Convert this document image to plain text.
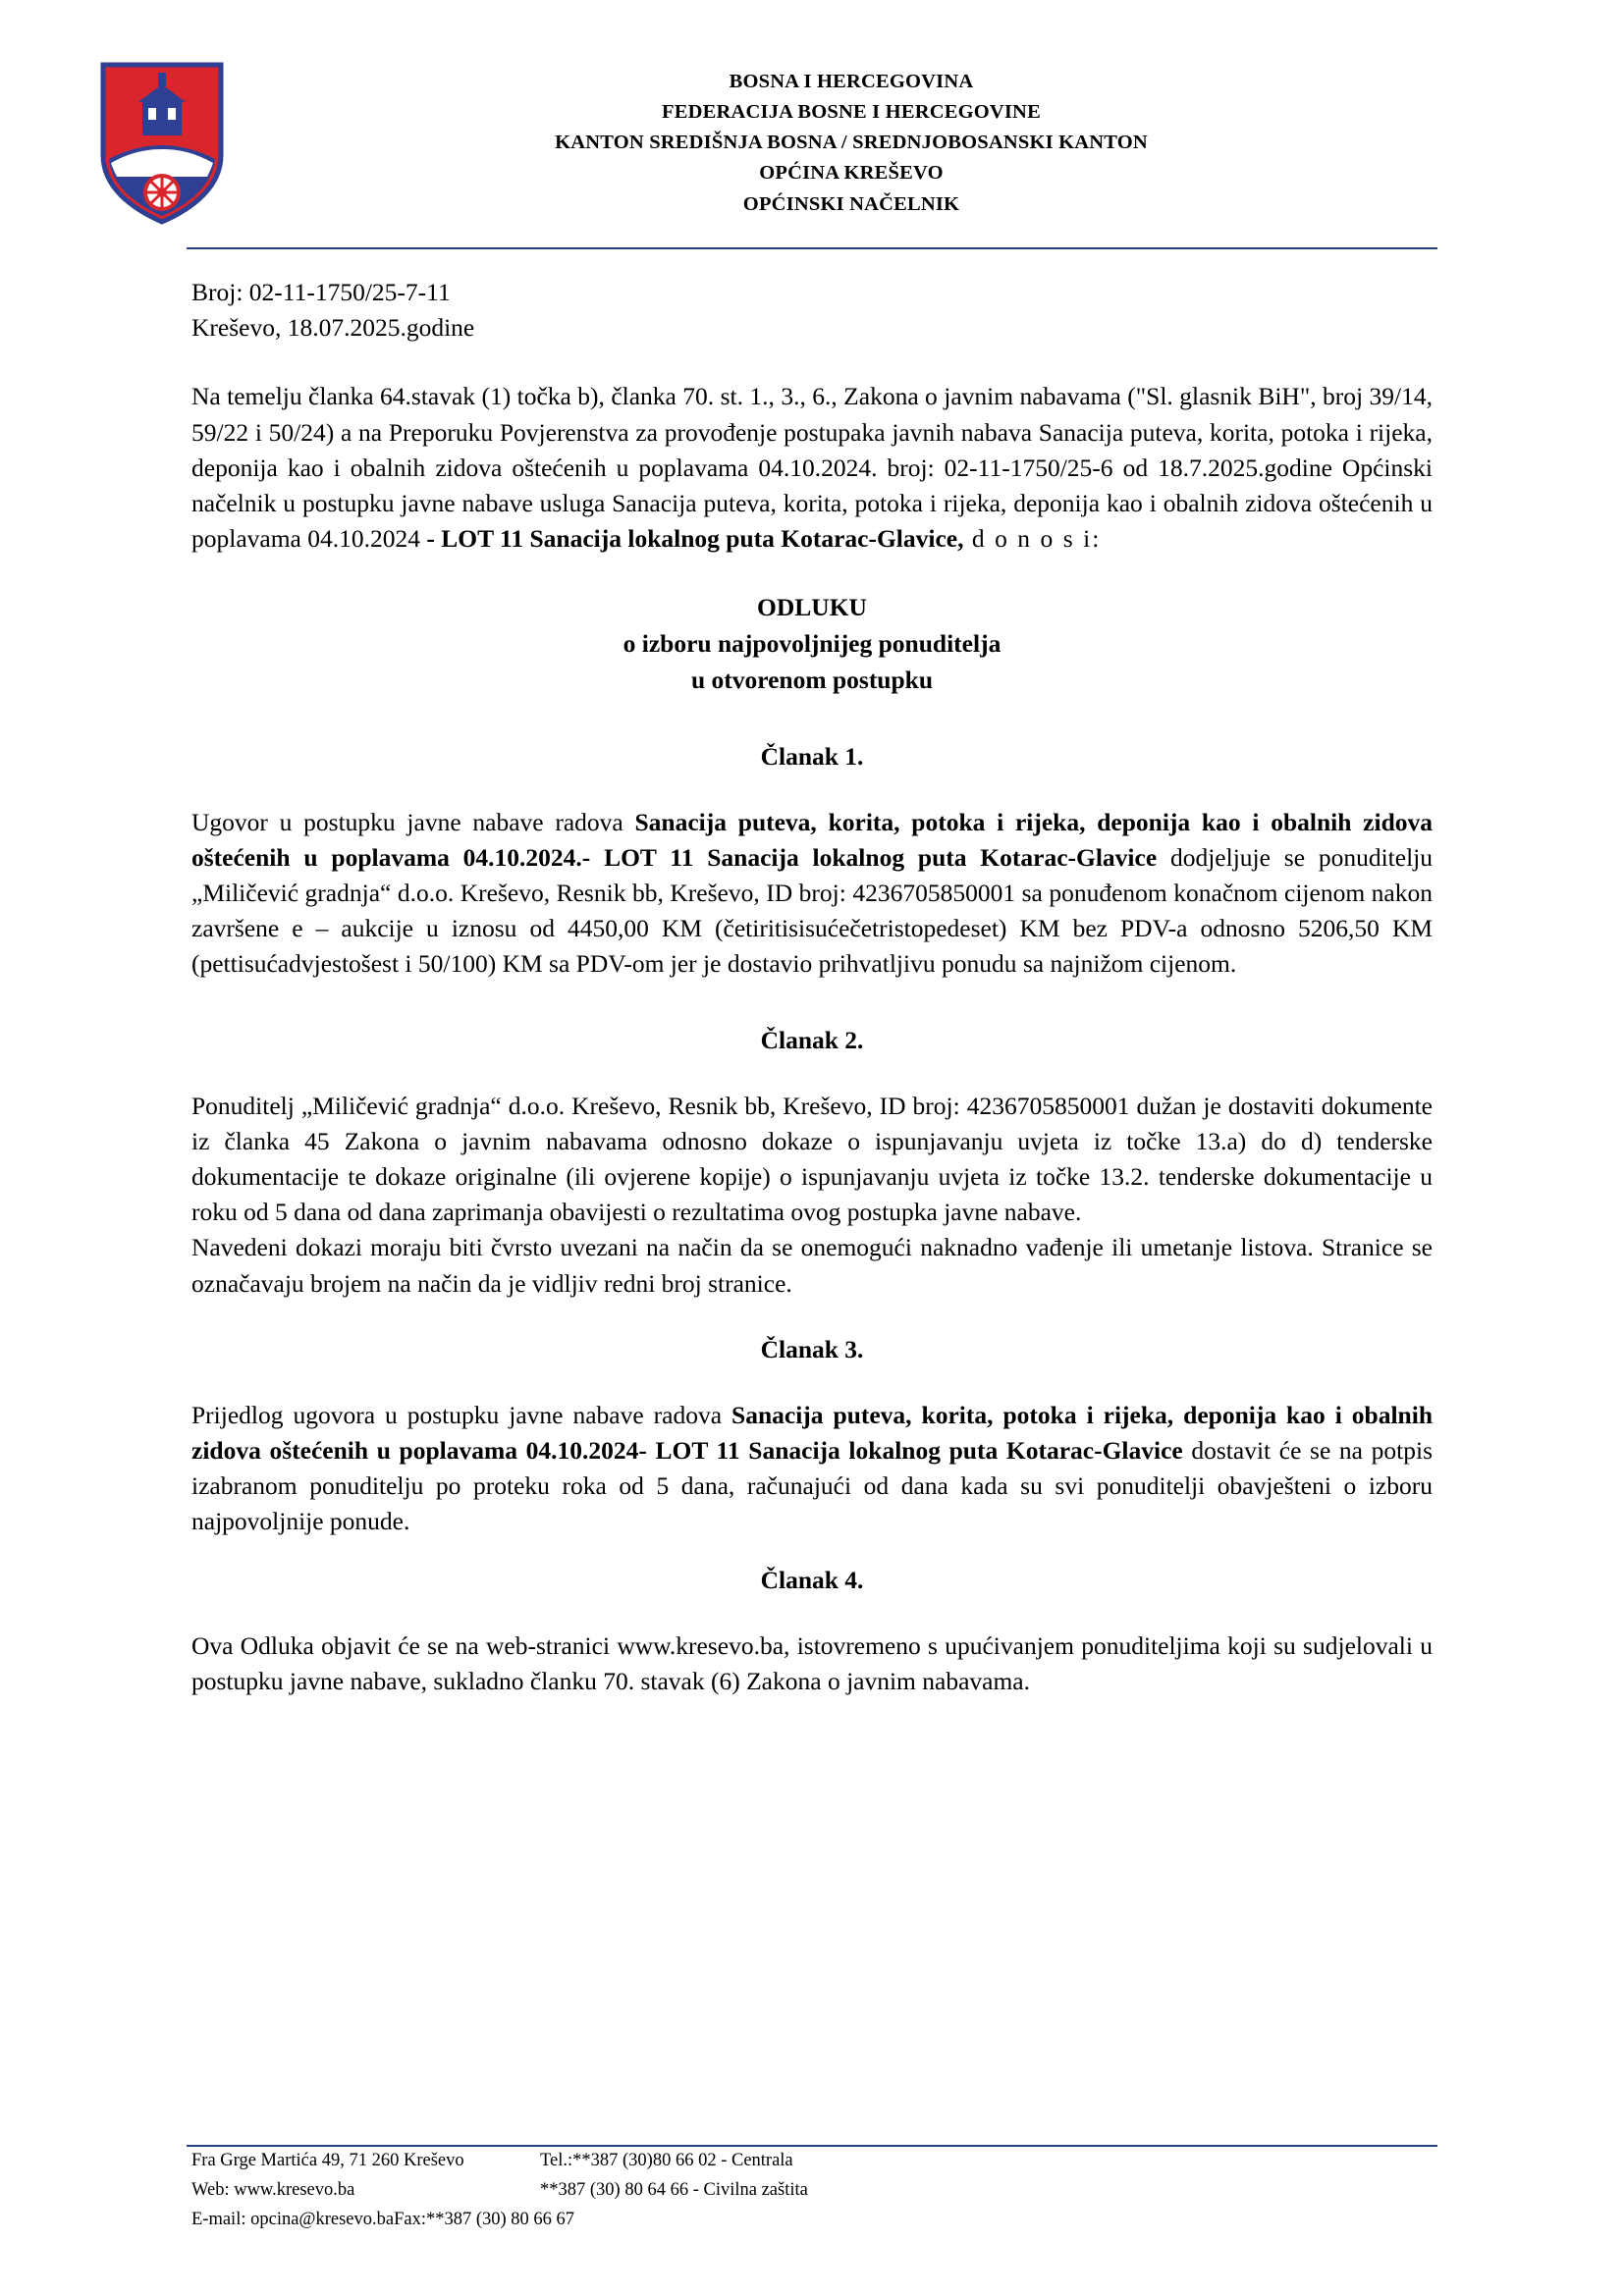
BOSNA I HERCEGOVINA
FEDERACIJA BOSNE I HERCEGOVINE
KANTON SREDIŠNJA BOSNA / SREDNJOBOSANSKI KANTON
OPĆINA KREŠEVO
OPĆINSKI NAČELNIK
Broj: 02-11-1750/25-7-11
Kreševo, 18.07.2025.godine

Na temelju članka 64.stavak (1) točka b), članka 70. st. 1., 3., 6., Zakona o javnim nabavama ("Sl. glasnik BiH", broj 39/14, 59/22 i 50/24) a na Preporuku Povjerenstva za provođenje postupaka javnih nabava Sanacija puteva, korita, potoka i rijeka, deponija kao i obalnih zidova oštećenih u poplavama 04.10.2024. broj: 02-11-1750/25-6 od 18.7.2025.godine Općinski načelnik u postupku javne nabave usluga Sanacija puteva, korita, potoka i rijeka, deponija kao i obalnih zidova oštećenih u poplavama 04.10.2024 - LOT 11 Sanacija lokalnog puta Kotarac-Glavice, d o n o s i:

ODLUKU
o izboru najpovoljnijeg ponuditelja
u otvorenom postupku
Članak 1.

Ugovor u postupku javne nabave radova Sanacija puteva, korita, potoka i rijeka, deponija kao i obalnih zidova oštećenih u poplavama 04.10.2024.- LOT 11 Sanacija lokalnog puta Kotarac-Glavice dodjeljuje se ponuditelju „Miličević gradnja“ d.o.o. Kreševo, Resnik bb, Kreševo, ID broj: 4236705850001 sa ponuđenom konačnom cijenom nakon završene e – aukcije u iznosu od 4450,00 KM (četiritisisućečetristopedeset) KM bez PDV-a odnosno 5206,50 KM (pettisućadvjestošest i 50/100) KM sa PDV-om jer je dostavio prihvatljivu ponudu sa najnižom cijenom.

Članak 2.

Ponuditelj „Miličević gradnja“ d.o.o. Kreševo, Resnik bb, Kreševo, ID broj: 4236705850001 dužan je dostaviti dokumente iz članka 45 Zakona o javnim nabavama odnosno dokaze o ispunjavanju uvjeta iz točke 13.a) do d) tenderske dokumentacije te dokaze originalne (ili ovjerene kopije) o ispunjavanju uvjeta iz točke 13.2. tenderske dokumentacije u roku od 5 dana od dana zaprimanja obavijesti o rezultatima ovog postupka javne nabave.

Navedeni dokazi moraju biti čvrsto uvezani na način da se onemogući naknadno vađenje ili umetanje listova. Stranice se označavaju brojem na način da je vidljiv redni broj stranice.

Članak 3.

Prijedlog ugovora u postupku javne nabave radova Sanacija puteva, korita, potoka i rijeka, deponija kao i obalnih zidova oštećenih u poplavama 04.10.2024- LOT 11 Sanacija lokalnog puta Kotarac-Glavice dostavit će se na potpis izabranom ponuditelju po proteku roka od 5 dana, računajući od dana kada su svi ponuditelji obavješteni o izboru najpovoljnije ponude.

Članak 4.

Ova Odluka objavit će se na web-stranici www.kresevo.ba, istovremeno s upućivanjem ponuditeljima koji su sudjelovali u postupku javne nabave, sukladno članku 70. stavak (6) Zakona o javnim nabavama.

Fra Grge Martića 49, 71 260 Kreševo	Tel.:**387 (30)80 66 02 - Centrala
Web: www.kresevo.ba	**387 (30) 80 64 66 - Civilna zaštita
E-mail: opcina@kresevo.baFax:**387 (30) 80 66 67
